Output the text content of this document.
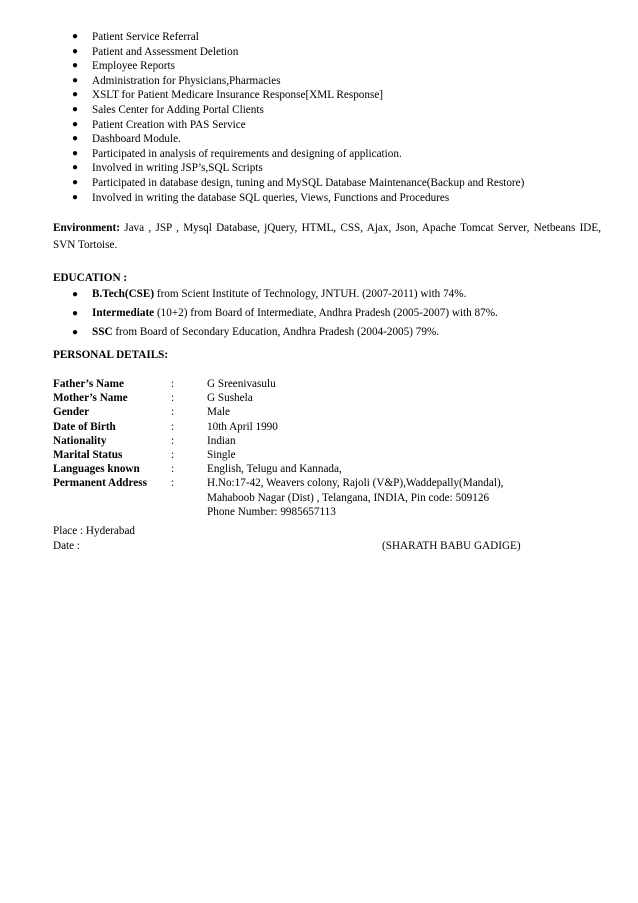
● Patient Service Referral
● Patient and Assessment Deletion
● Employee Reports
● Administration for Physicians,Pharmacies
● XSLT for Patient Medicare Insurance Response[XML Response]
● Sales Center for Adding Portal Clients
● Patient Creation with PAS Service
● Dashboard Module.
● Participated in analysis of requirements and designing of application.
● Involved in writing JSP’s,SQL Scripts
● Participated in database design, tuning and MySQL Database Maintenance(Backup and Restore)
● Involved in writing the database SQL queries, Views, Functions and Procedures
Environment: Java , JSP , Mysql Database, jQuery, HTML, CSS, Ajax, Json, Apache Tomcat Server, Netbeans IDE, SVN Tortoise.
EDUCATION :
● B.Tech(CSE) from Scient Institute of Technology, JNTUH. (2007-2011) with 74%.
● Intermediate (10+2) from Board of Intermediate, Andhra Pradesh (2005-2007) with 87%.
● SSC from Board of Secondary Education, Andhra Pradesh (2004-2005) 79%.
PERSONAL DETAILS:
Father’s Name	:	G Sreenivasulu
Mother’s Name	:	G Sushela
Gender	:	Male
Date of Birth	:	10th April 1990
Nationality	:	Indian
Marital Status	:	Single
Languages known	:	English, Telugu and Kannada,
Permanent Address :	H.No:17-42, Weavers colony, Rajoli (V&P),Waddepally(Mandal),
Mahaboob Nagar (Dist) , Telangana, INDIA, Pin code: 509126
Phone Number: 9985657113
Place : Hyderabad
Date :	(SHARATH BABU GADIGE)
